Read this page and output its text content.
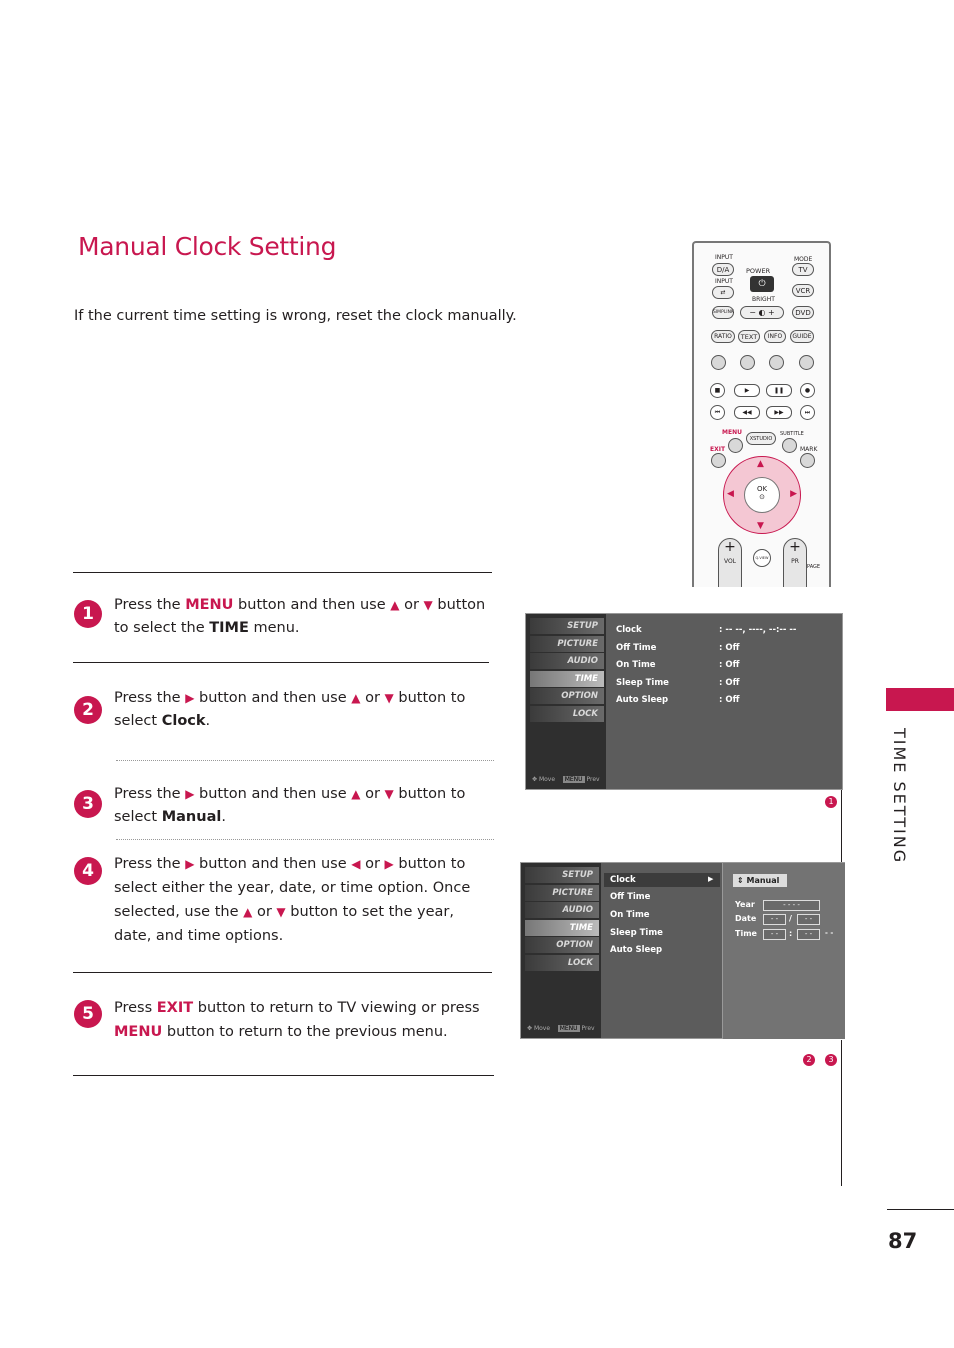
Manual Clock Setting
If the current time setting is wrong, reset the clock manually.
1	Press the MENU button and then use ▲ or ▼ button to select the TIME menu.
2
Press the ▶ button and then use ▲ or ▼ button to select Clock.
3	Press the ▶ button and then use ▲ or ▼ button to select Manual.
4	Press the ▶ button and then use ◀ or ▶ button to select either the year, date, or time option. Once selected, use the ▲ or ▼ button to set the year, date, and time options.
5	Press EXIT button to return to TV viewing or press MENU button to return to the previous menu.
INPUT	MODE
D/A	TV
POWER
⏻
INPUT
⇄
BRIGHT
VCR
SIMPLINK	− ◐ +	DVD
RATIO	TEXT	INFO	GUIDE
■	▶	❚❚	●
⏮	◀◀	▶▶	⏭
MENU
XSTUDIO
SUBTITLE
EXIT	MARK
▲
▼
◀	▶
OK
⊙
+
VOL	Q.VIEW
+
PR
PAGE
SETUP
PICTURE
AUDIO
TIME
OPTION
LOCK
✥ Move MENU Prev
Clock	: -- --, ----, --:-- --
Off Time	: Off
On Time	: Off
Sleep Time	: Off
Auto Sleep	: Off
1
SETUP
PICTURE
AUDIO
TIME
OPTION
LOCK
✥ Move MENU Prev
Clock	▶
Off Time
On Time
Sleep Time
Auto Sleep
⇕ Manual
Year	- - - -
Date	- -	/	- -
Time	- -	:	- -	- -
2	3
TIME SETTING
87
